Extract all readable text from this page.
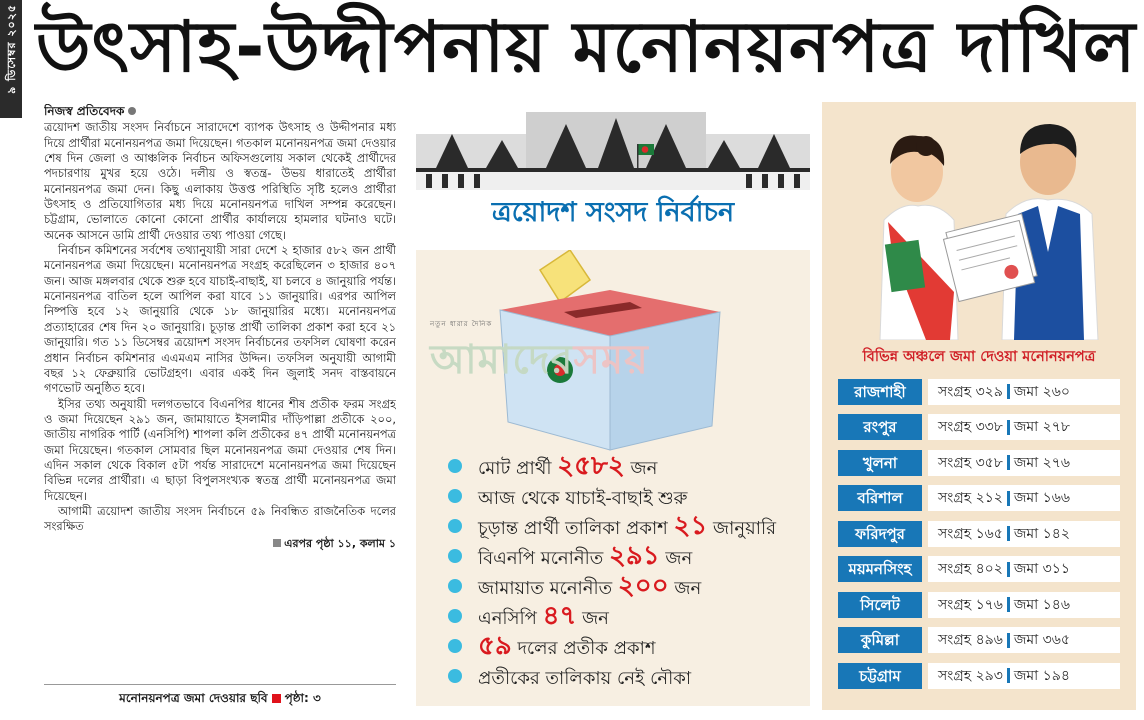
৯ ডিসেম্বর ২০২৫ উৎসাহ-উদ্দীপনায় মনোনয়নপত্র দাখিল
নিজস্ব প্রতিবেদক

ত্রয়োদশ জাতীয় সংসদ নির্বাচনে সারাদেশে ব্যাপক উৎসাহ ও উদ্দীপনার মধ্য দিয়ে প্রার্থীরা মনোনয়নপত্র জমা দিয়েছেন। গতকাল মনোনয়নপত্র জমা দেওয়ার শেষ দিন জেলা ও আঞ্চলিক নির্বাচন অফিসগুলোয় সকাল থেকেই প্রার্থীদের পদচারণায় মুখর হয়ে ওঠে। দলীয় ও স্বতন্ত্র- উভয় ধারাতেই প্রার্থীরা মনোনয়নপত্র জমা দেন। কিছু এলাকায় উত্তপ্ত পরিস্থিতি সৃষ্টি হলেও প্রার্থীরা উৎসাহ ও প্রতিযোগিতার মধ্য দিয়ে মনোনয়নপত্র দাখিল সম্পন্ন করেছেন। চট্টগ্রাম, ভোলাতে কোনো কোনো প্রার্থীর কার্যালয়ে হামলার ঘটনাও ঘটে। অনেক আসনে ডামি প্রার্থী দেওয়ার তথ্য পাওয়া গেছে।

নির্বাচন কমিশনের সর্বশেষ তথ্যানুযায়ী সারা দেশে ২ হাজার ৫৮২ জন প্রার্থী মনোনয়নপত্র জমা দিয়েছেন। মনোনয়নপত্র সংগ্রহ করেছিলেন ৩ হাজার ৪০৭ জন। আজ মঙ্গলবার থেকে শুরু হবে যাচাই-বাছাই, যা চলবে ৪ জানুয়ারি পর্যন্ত। মনোনয়নপত্র বাতিল হলে আপিল করা যাবে ১১ জানুয়ারি। এরপর আপিল নিষ্পত্তি হবে ১২ জানুয়ারি থেকে ১৮ জানুয়ারির মধ্যে। মনোনয়নপত্র প্রত্যাহারের শেষ দিন ২০ জানুয়ারি। চূড়ান্ত প্রার্থী তালিকা প্রকাশ করা হবে ২১ জানুয়ারি। গত ১১ ডিসেম্বর ত্রয়োদশ সংসদ নির্বাচনের তফসিল ঘোষণা করেন প্রধান নির্বাচন কমিশনার এএমএম নাসির উদ্দিন। তফসিল অনুযায়ী আগামী বছর ১২ ফেব্রুয়ারি ভোটগ্রহণ। এবার একই দিন জুলাই সনদ বাস্তবায়নে গণভোট অনুষ্ঠিত হবে।

ইসির তথ্য অনুযায়ী দলগতভাবে বিএনপির ধানের শীষ প্রতীক ফরম সংগ্রহ ও জমা দিয়েছেন ২৯১ জন, জামায়াতে ইসলামীর দাঁড়িপাল্লা প্রতীকে ২০০, জাতীয় নাগরিক পার্টি (এনসিপি) শাপলা কলি প্রতীকের ৪৭ প্রার্থী মনোনয়নপত্র জমা দিয়েছেন। গতকাল সোমবার ছিল মনোনয়নপত্র জমা দেওয়ার শেষ দিন। এদিন সকাল থেকে বিকাল ৫টা পর্যন্ত সারাদেশে মনোনয়নপত্র জমা দিয়েছেন বিভিন্ন দলের প্রার্থীরা। এ ছাড়া বিপুলসংখ্যক স্বতন্ত্র প্রার্থী মনোনয়নপত্র জমা দিয়েছেন।

আগামী ত্রয়োদশ জাতীয় সংসদ নির্বাচনে ৫৯ নিবন্ধিত রাজনৈতিক দলের সংরক্ষিত

এরপর পৃষ্ঠা ১১, কলাম ১
মনোনয়নপত্র জমা দেওয়ার ছবি পৃষ্ঠা: ৩
ত্রয়োদশ সংসদ নির্বাচন
নতুন ধারার দৈনিক
আমাদেরসময়
মোট প্রার্থী ২৫৮২ জন
আজ থেকে যাচাই-বাছাই শুরু
চূড়ান্ত প্রার্থী তালিকা প্রকাশ ২১ জানুয়ারি
বিএনপি মনোনীত ২৯১ জন
জামায়াত মনোনীত ২০০ জন
এনসিপি ৪৭ জন
৫৯ দলের প্রতীক প্রকাশ
প্রতীকের তালিকায় নেই নৌকা
বিভিন্ন অঞ্চলে জমা দেওয়া মনোনয়নপত্র
রাজশাহী	সংগ্রহ ৩২৯ জমা ২৬০
রংপুর	সংগ্রহ ৩৩৮ জমা ২৭৮
খুলনা	সংগ্রহ ৩৫৮ জমা ২৭৬
বরিশাল	সংগ্রহ ২১২ জমা ১৬৬
ফরিদপুর	সংগ্রহ ১৬৫ জমা ১৪২
ময়মনসিংহ	সংগ্রহ ৪০২ জমা ৩১১
সিলেট	সংগ্রহ ১৭৬ জমা ১৪৬
কুমিল্লা	সংগ্রহ ৪৯৬ জমা ৩৬৫
চট্টগ্রাম	সংগ্রহ ২৯৩ জমা ১৯৪
